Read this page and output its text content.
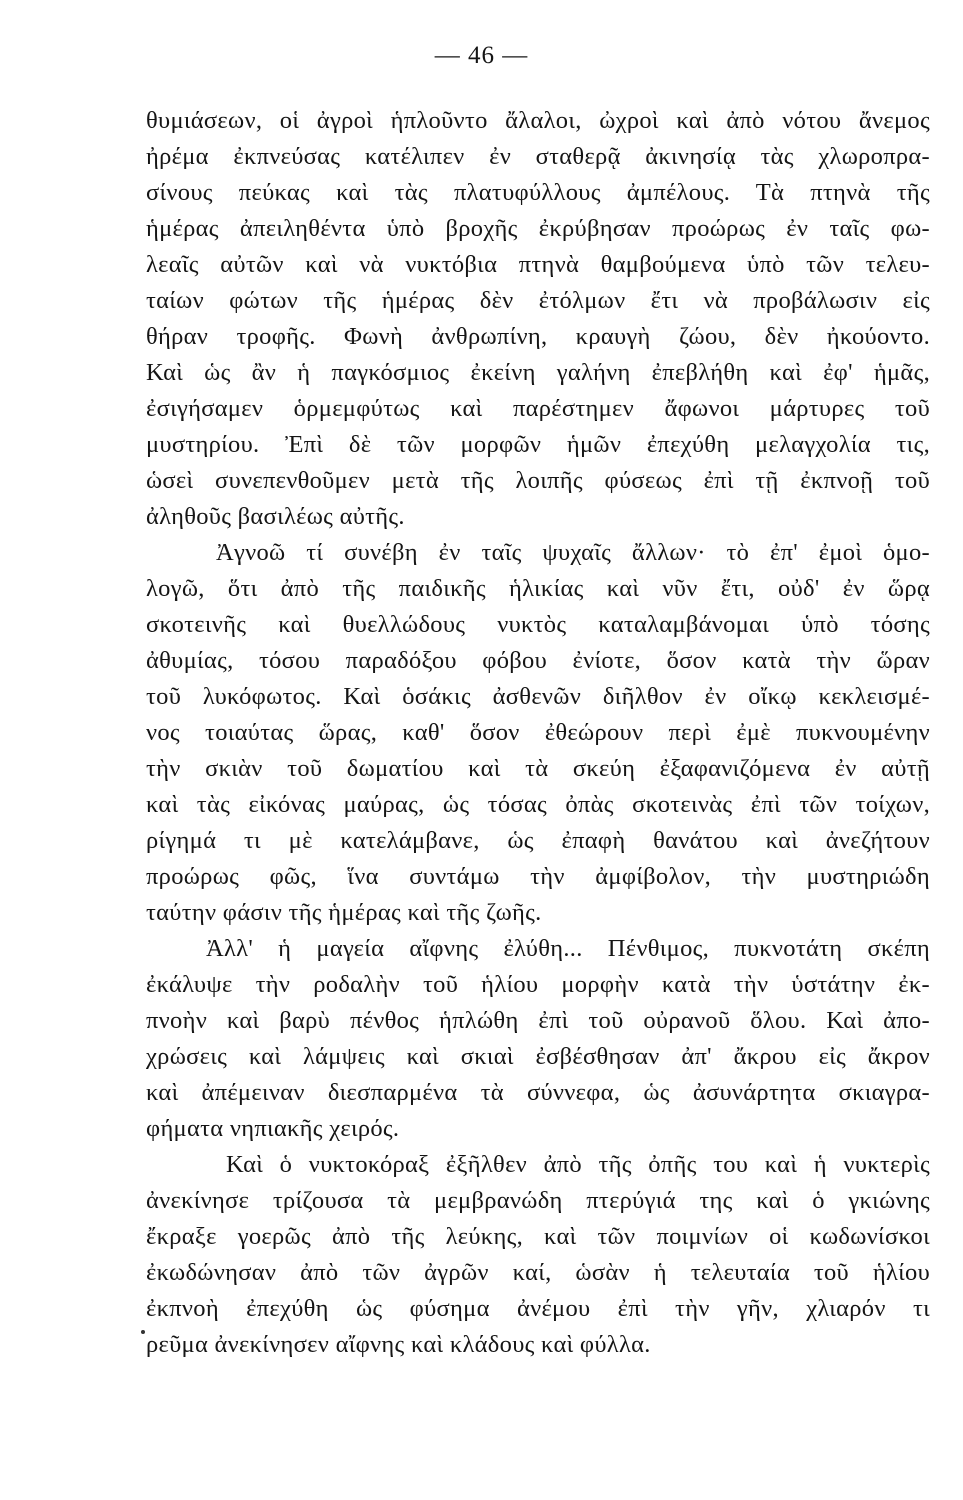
— 46 —
θυμιάσεων, οἱ ἀγροὶ ἡπλοῦντο ἄλαλοι, ὠχροὶ καὶ ἀπὸ νότου ἄνεμος
ἠρέμα ἐκπνεύσας κατέλιπεν ἐν σταθερᾷ ἀκινησίᾳ τὰς χλωροπρα-
σίνους πεύκας καὶ τὰς πλατυφύλλους ἀμπέλους. Τὰ πτηνὰ τῆς
ἡμέρας ἀπειληθέντα ὑπὸ βροχῆς ἐκρύβησαν προώρως ἐν ταῖς φω-
λεαῖς αὐτῶν καὶ νὰ νυκτόβια πτηνὰ θαμβούμενα ὑπὸ τῶν τελευ-
ταίων φώτων τῆς ἡμέρας δὲν ἐτόλμων ἔτι νὰ προβάλωσιν εἰς
θήραν τροφῆς. Φωνὴ ἀνθρωπίνη, κραυγὴ ζώου, δὲν ἠκούοντο.
Καὶ ὡς ἂν ἡ παγκόσμιος ἐκείνη γαλήνη ἐπεβλήθη καὶ ἐφ' ἡμᾶς,
ἐσιγήσαμεν ὁρμεμφύτως καὶ παρέστημεν ἄφωνοι μάρτυρες τοῦ
μυστηρίου. Ἐπὶ δὲ τῶν μορφῶν ἡμῶν ἐπεχύθη μελαγχολία τις,
ὡσεὶ συνεπενθοῦμεν μετὰ τῆς λοιπῆς φύσεως ἐπὶ τῇ ἐκπνοῇ τοῦ
ἀληθοῦς βασιλέως αὐτῆς.
Ἀγνοῶ τί συνέβη ἐν ταῖς ψυχαῖς ἄλλων· τὸ ἐπ' ἐμοὶ ὁμο-
λογῶ, ὅτι ἀπὸ τῆς παιδικῆς ἡλικίας καὶ νῦν ἔτι, οὐδ' ἐν ὥρᾳ
σκοτεινῆς καὶ θυελλώδους νυκτὸς καταλαμβάνομαι ὑπὸ τόσης
ἀθυμίας, τόσου παραδόξου φόβου ἐνίοτε, ὅσον κατὰ τὴν ὥραν
τοῦ λυκόφωτος. Καὶ ὁσάκις ἀσθενῶν διῆλθον ἐν οἴκῳ κεκλεισμέ-
νος τοιαύτας ὥρας, καθ' ὅσον ἐθεώρουν περὶ ἐμὲ πυκνουμένην
τὴν σκιὰν τοῦ δωματίου καὶ τὰ σκεύη ἐξαφανιζόμενα ἐν αὐτῇ
καὶ τὰς εἰκόνας μαύρας, ὡς τόσας ὀπὰς σκοτεινὰς ἐπὶ τῶν τοίχων,
ρίγημά τι μὲ κατελάμβανε, ὡς ἐπαφὴ θανάτου καὶ ἀνεζήτουν
προώρως φῶς, ἵνα συντάμω τὴν ἀμφίβολον, τὴν μυστηριώδη
ταύτην φάσιν τῆς ἡμέρας καὶ τῆς ζωῆς.
Ἀλλ' ἡ μαγεία αἴφνης ἐλύθη... Πένθιμος, πυκνοτάτη σκέπη
ἐκάλυψε τὴν ροδαλὴν τοῦ ἡλίου μορφὴν κατὰ τὴν ὑστάτην ἐκ-
πνοὴν καὶ βαρὺ πένθος ἡπλώθη ἐπὶ τοῦ οὐρανοῦ ὅλου. Καὶ ἀπο-
χρώσεις καὶ λάμψεις καὶ σκιαὶ ἐσβέσθησαν ἀπ' ἄκρου εἰς ἄκρον
καὶ ἀπέμειναν διεσπαρμένα τὰ σύννεφα, ὡς ἀσυνάρτητα σκιαγρα-
φήματα νηπιακῆς χειρός.
Καὶ ὁ νυκτοκόραξ ἐξῆλθεν ἀπὸ τῆς ὀπῆς του καὶ ἡ νυκτερὶς
ἀνεκίνησε τρίζουσα τὰ μεμβρανώδη πτερύγιά της καὶ ὁ γκιώνης
ἔκραξε γοερῶς ἀπὸ τῆς λεύκης, καὶ τῶν ποιμνίων οἱ κωδωνίσκοι
ἐκωδώνησαν ἀπὸ τῶν ἀγρῶν καί, ὡσὰν ἡ τελευταία τοῦ ἡλίου
ἐκπνοὴ ἐπεχύθη ὡς φύσημα ἀνέμου ἐπὶ τὴν γῆν, χλιαρόν τι
ρεῦμα ἀνεκίνησεν αἴφνης καὶ κλάδους καὶ φύλλα.
